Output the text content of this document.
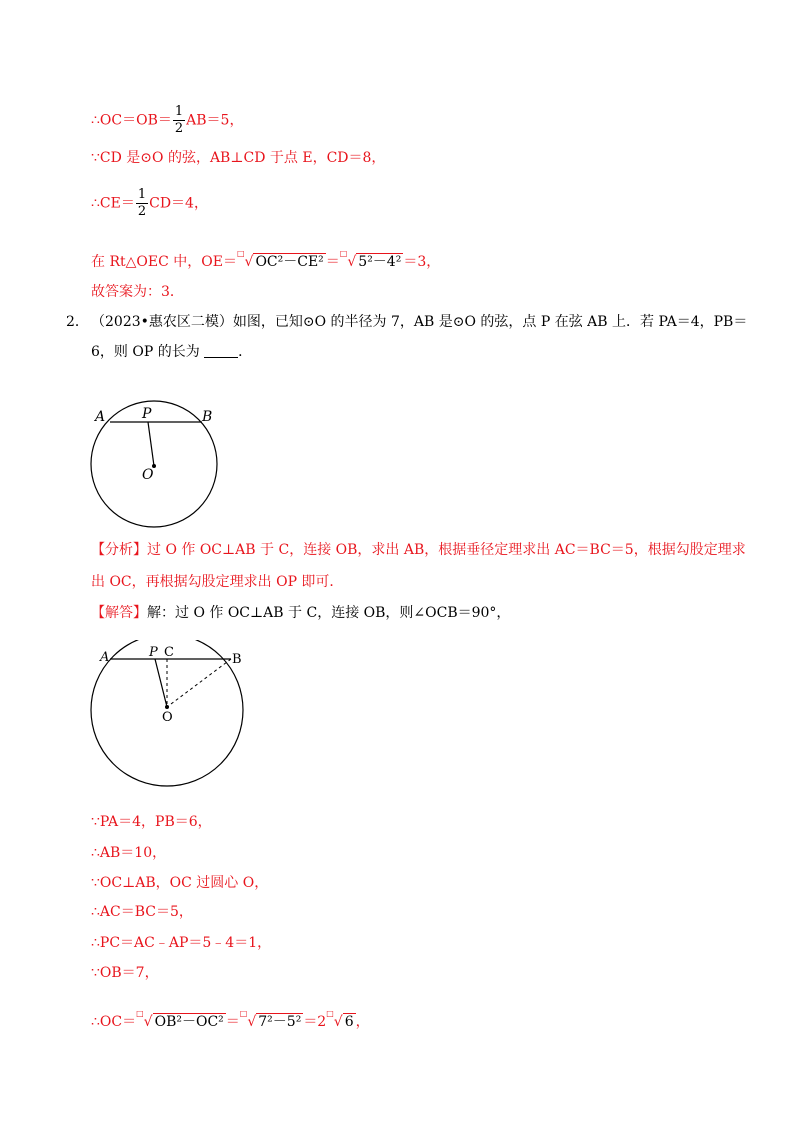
∴OC＝OB＝ $\frac{1}{2} AB=5$，
∵CD 是⊙O 的弦，AB⊥CD 于点 E，CD＝8，
∴CE＝ $\frac{1}{2} CD=4$，
在 Rt△OEC 中，OE＝□√ OC²－CE² ＝□√ 5²－4² ＝3，
故答案为：3．
2． （2023•惠农区二模）如图，已知⊙O 的半径为 7，AB 是⊙O 的弦，点 P 在弦 AB 上．若 PA＝4，PB＝
6，则 OP 的长为	．
A	P	B
O
【分析】过 O 作 OC⊥AB 于 C，连接 OB，求出 AB，根据垂径定理求出 AC＝BC＝5，根据勾股定理求
出 OC，再根据勾股定理求出 OP 即可．
【解答】解：过 O 作 OC⊥AB 于 C，连接 OB，则∠OCB＝90°，
A	P C	B
O
∵PA＝4，PB＝6，
∴AB＝10，
∵OC⊥AB，OC 过圆心 O，
∴AC＝BC＝5，
∴PC＝AC﹣AP＝5﹣4＝1，
∵OB＝7，
∴OC＝□√ OB²－OC² ＝□√ 7²－5² ＝2□√ 6 ，
